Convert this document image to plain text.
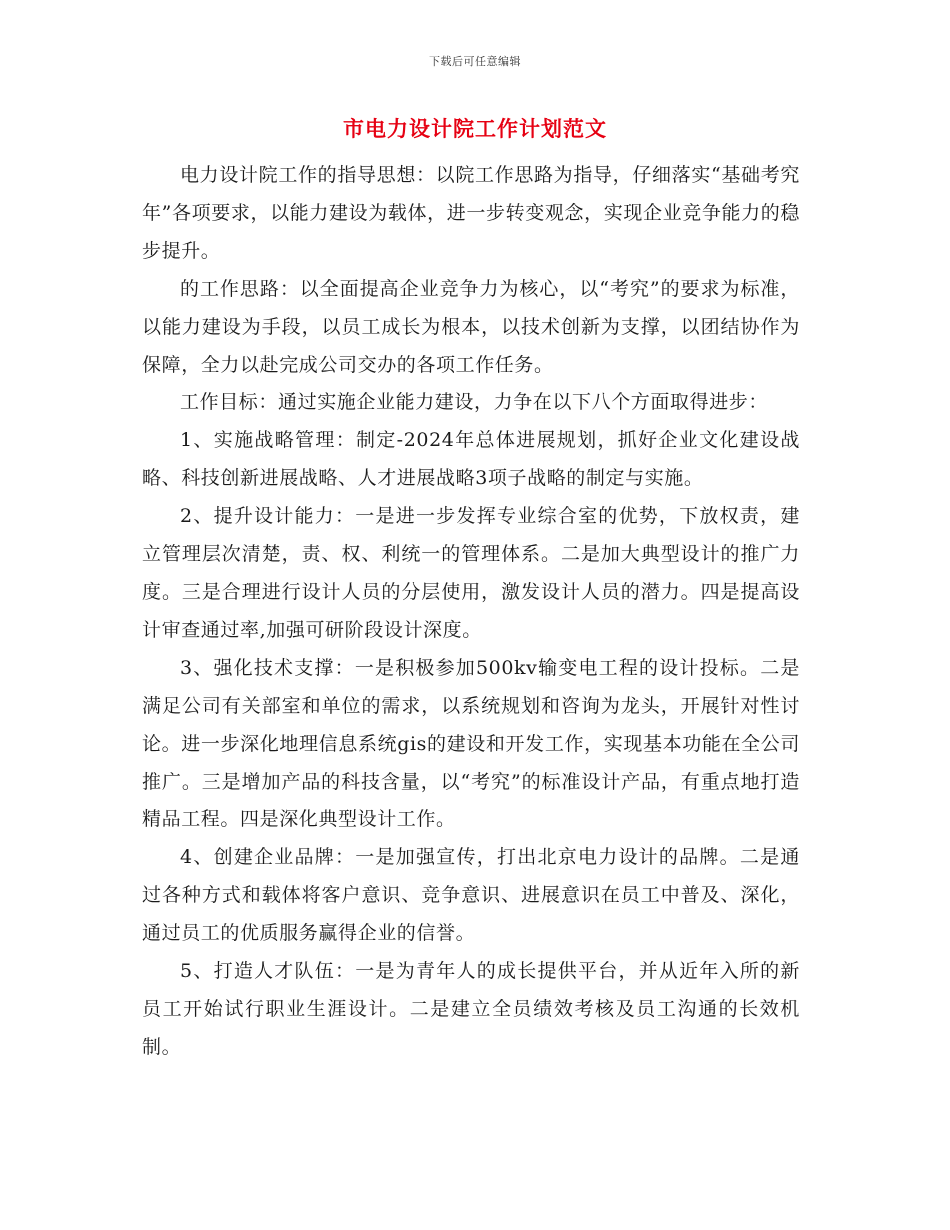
下载后可任意编辑
市电力设计院工作计划范文

电力设计院工作的指导思想：以院工作思路为指导，仔细落实“基础考究年”各项要求，以能力建设为载体，进一步转变观念，实现企业竞争能力的稳步提升。

的工作思路：以全面提高企业竞争力为核心，以“考究”的要求为标准，以能力建设为手段，以员工成长为根本，以技术创新为支撑，以团结协作为保障，全力以赴完成公司交办的各项工作任务。

工作目标：通过实施企业能力建设，力争在以下八个方面取得进步：

1、实施战略管理：制定-2024年总体进展规划，抓好企业文化建设战略、科技创新进展战略、人才进展战略3项子战略的制定与实施。

2、提升设计能力：一是进一步发挥专业综合室的优势，下放权责，建立管理层次清楚，责、权、利统一的管理体系。二是加大典型设计的推广力度。三是合理进行设计人员的分层使用，激发设计人员的潜力。四是提高设计审查通过率,加强可研阶段设计深度。

3、强化技术支撑：一是积极参加500kv输变电工程的设计投标。二是满足公司有关部室和单位的需求，以系统规划和咨询为龙头，开展针对性讨论。进一步深化地理信息系统gis的建设和开发工作，实现基本功能在全公司推广。三是增加产品的科技含量，以“考究”的标准设计产品，有重点地打造精品工程。四是深化典型设计工作。

4、创建企业品牌：一是加强宣传，打出北京电力设计的品牌。二是通过各种方式和载体将客户意识、竞争意识、进展意识在员工中普及、深化，通过员工的优质服务赢得企业的信誉。

5、打造人才队伍：一是为青年人的成长提供平台，并从近年入所的新员工开始试行职业生涯设计。二是建立全员绩效考核及员工沟通的长效机制。
